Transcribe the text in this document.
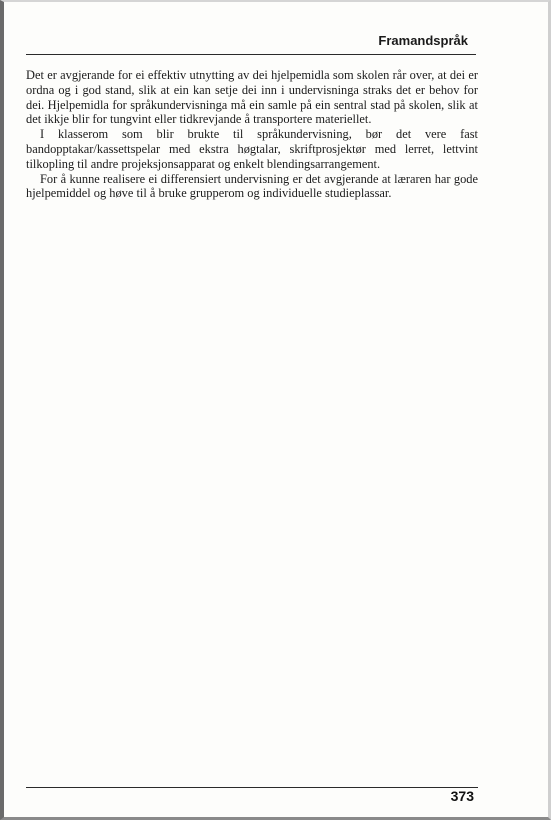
Framandspråk

Det er avgjerande for ei effektiv utnytting av dei hjelpemidla som skolen rår over, at dei er ordna og i god stand, slik at ein kan setje dei inn i undervisninga straks det er behov for dei. Hjelpemidla for språkundervisninga må ein samle på ein sentral stad på skolen, slik at det ikkje blir for tungvint eller tidkrevjande å transportere materiellet.

I klasserom som blir brukte til språkundervisning, bør det vere fast bandopptakar/kassettspelar med ekstra høgtalar, skriftprosjektør med lerret, lettvint tilkopling til andre projeksjonsapparat og enkelt blendingsarrangement.

For å kunne realisere ei differensiert undervisning er det avgjerande at læraren har gode hjelpemiddel og høve til å bruke grupperom og individuelle studieplassar.

373
